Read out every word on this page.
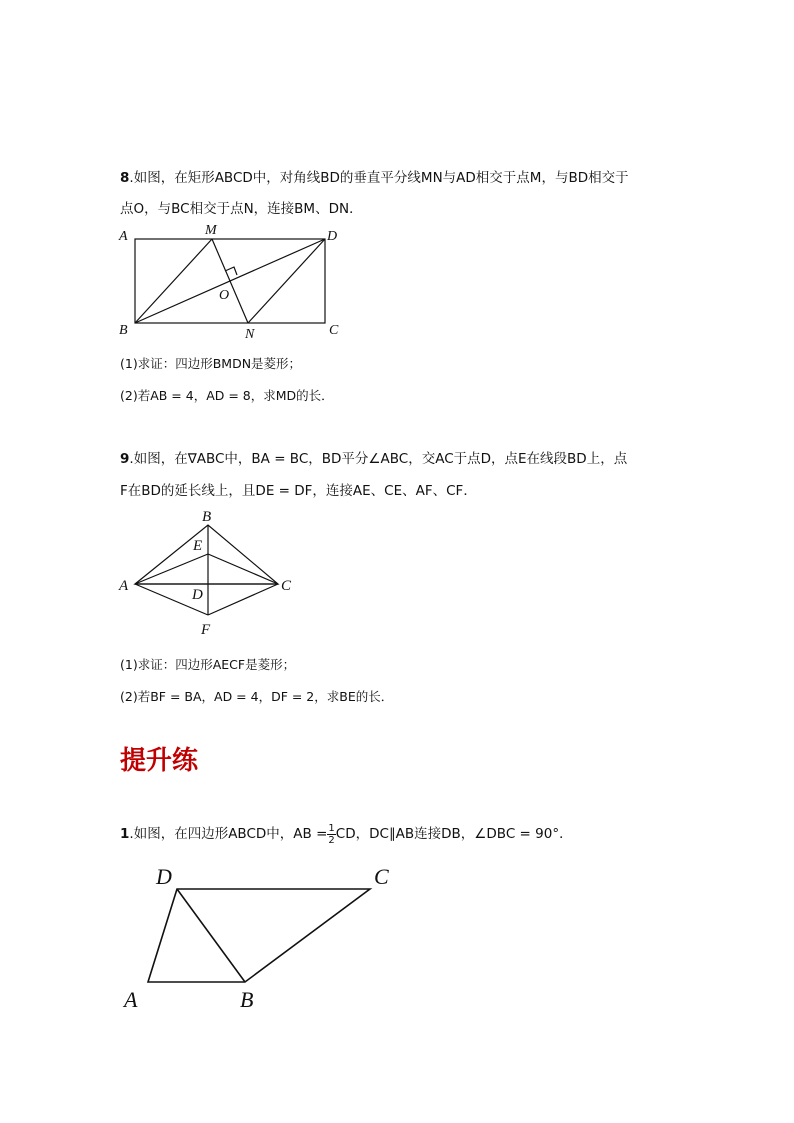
8.如图，在矩形ABCD中，对角线BD的垂直平分线MN与AD相交于点M，与BD相交于
点O，与BC相交于点N，连接BM、DN．
A	M	D
O
B	N	C
(1)求证：四边形BMDN是菱形；
(2)若AB = 4，AD = 8，求MD的长．
9.如图，在∇ABC中，BA = BC，BD平分∠ABC，交AC于点D，点E在线段BD上，点
F在BD的延长线上，且DE = DF，连接AE、CE、AF、CF．
B
E
A
D
C
F
(1)求证：四边形AECF是菱形；
(2)若BF = BA，AD = 4，DF = 2，求BE的长．
提升练
1.如图，在四边形ABCD中，AB = $\frac{1}{2}$ CD，DC∥AB连接DB，∠DBC = 90°．
D	C
A	B
